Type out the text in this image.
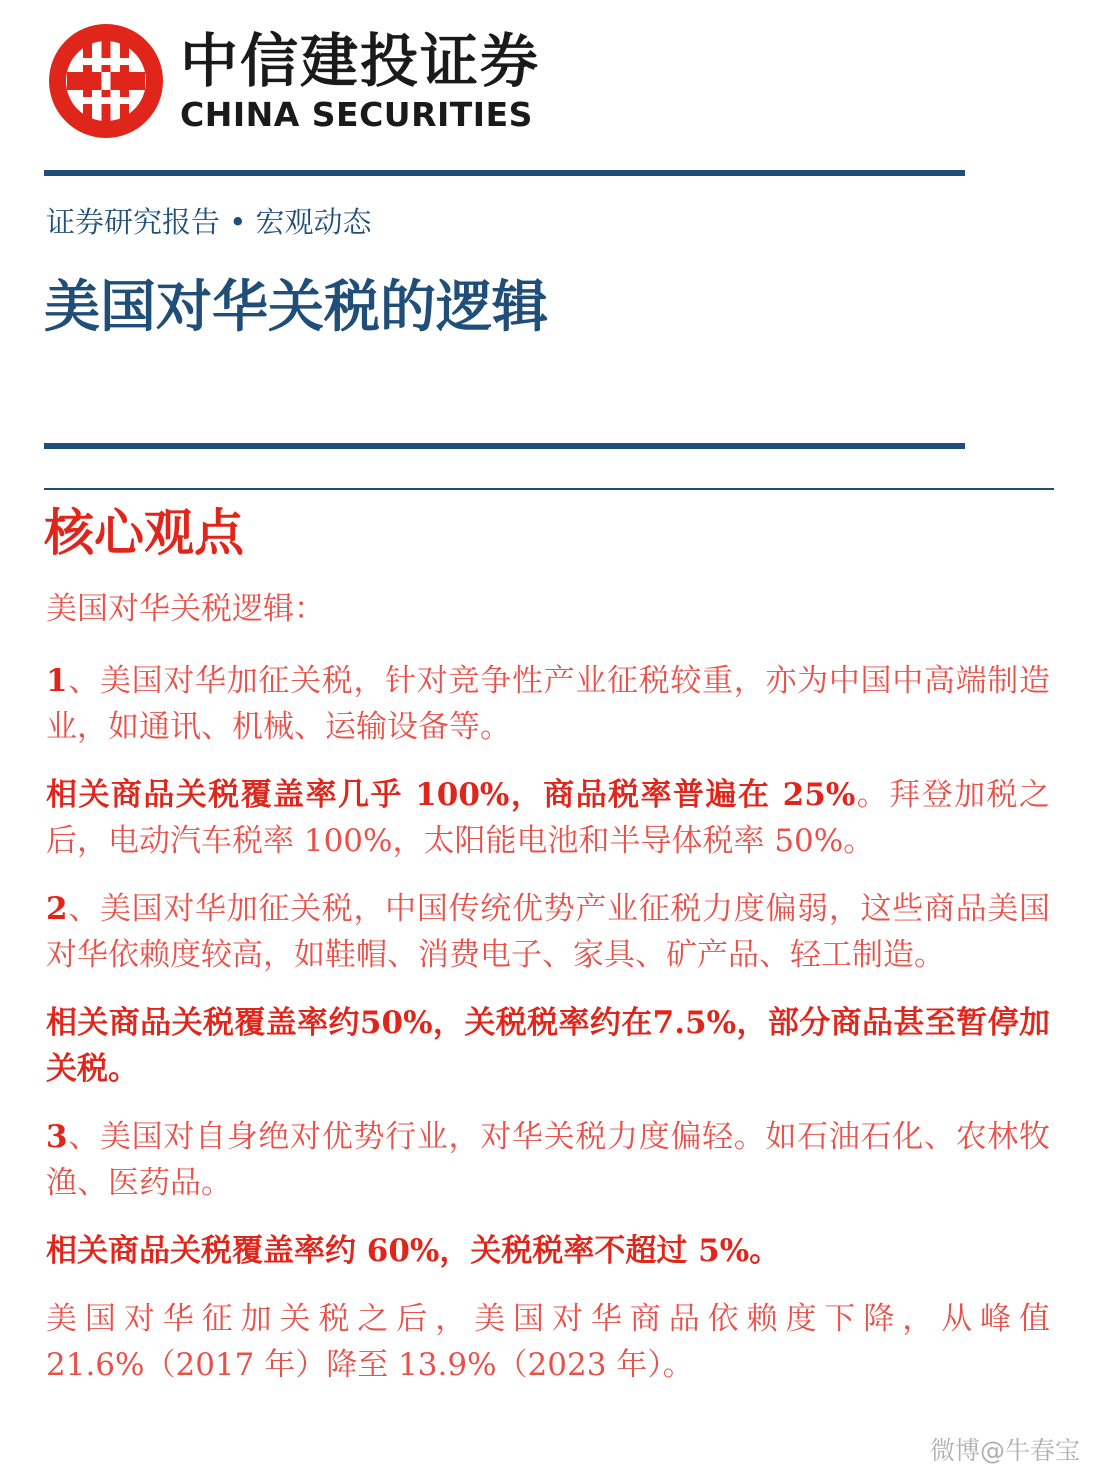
中信建投证券
CHINA SECURITIES
证券研究报告 • 宏观动态
美国对华关税的逻辑
核心观点

美国对华关税逻辑：

1、美国对华加征关税，针对竞争性产业征税较重，亦为中国中高端制造业，如通讯、机械、运输设备等。

相关商品关税覆盖率几乎 100%，商品税率普遍在 25%。拜登加税之后，电动汽车税率 100%，太阳能电池和半导体税率 50%。

2、美国对华加征关税，中国传统优势产业征税力度偏弱，这些商品美国对华依赖度较高，如鞋帽、消费电子、家具、矿产品、轻工制造。

相关商品关税覆盖率约50%，关税税率约在7.5%，部分商品甚至暂停加关税。

3、美国对自身绝对优势行业，对华关税力度偏轻。如石油石化、农林牧渔、医药品。

相关商品关税覆盖率约 60%，关税税率不超过 5%。

美国对华征加关税之后，美国对华商品依赖度下降，从峰值 21.6%（2017 年）降至 13.9%（2023 年）。

微博@牛春宝
